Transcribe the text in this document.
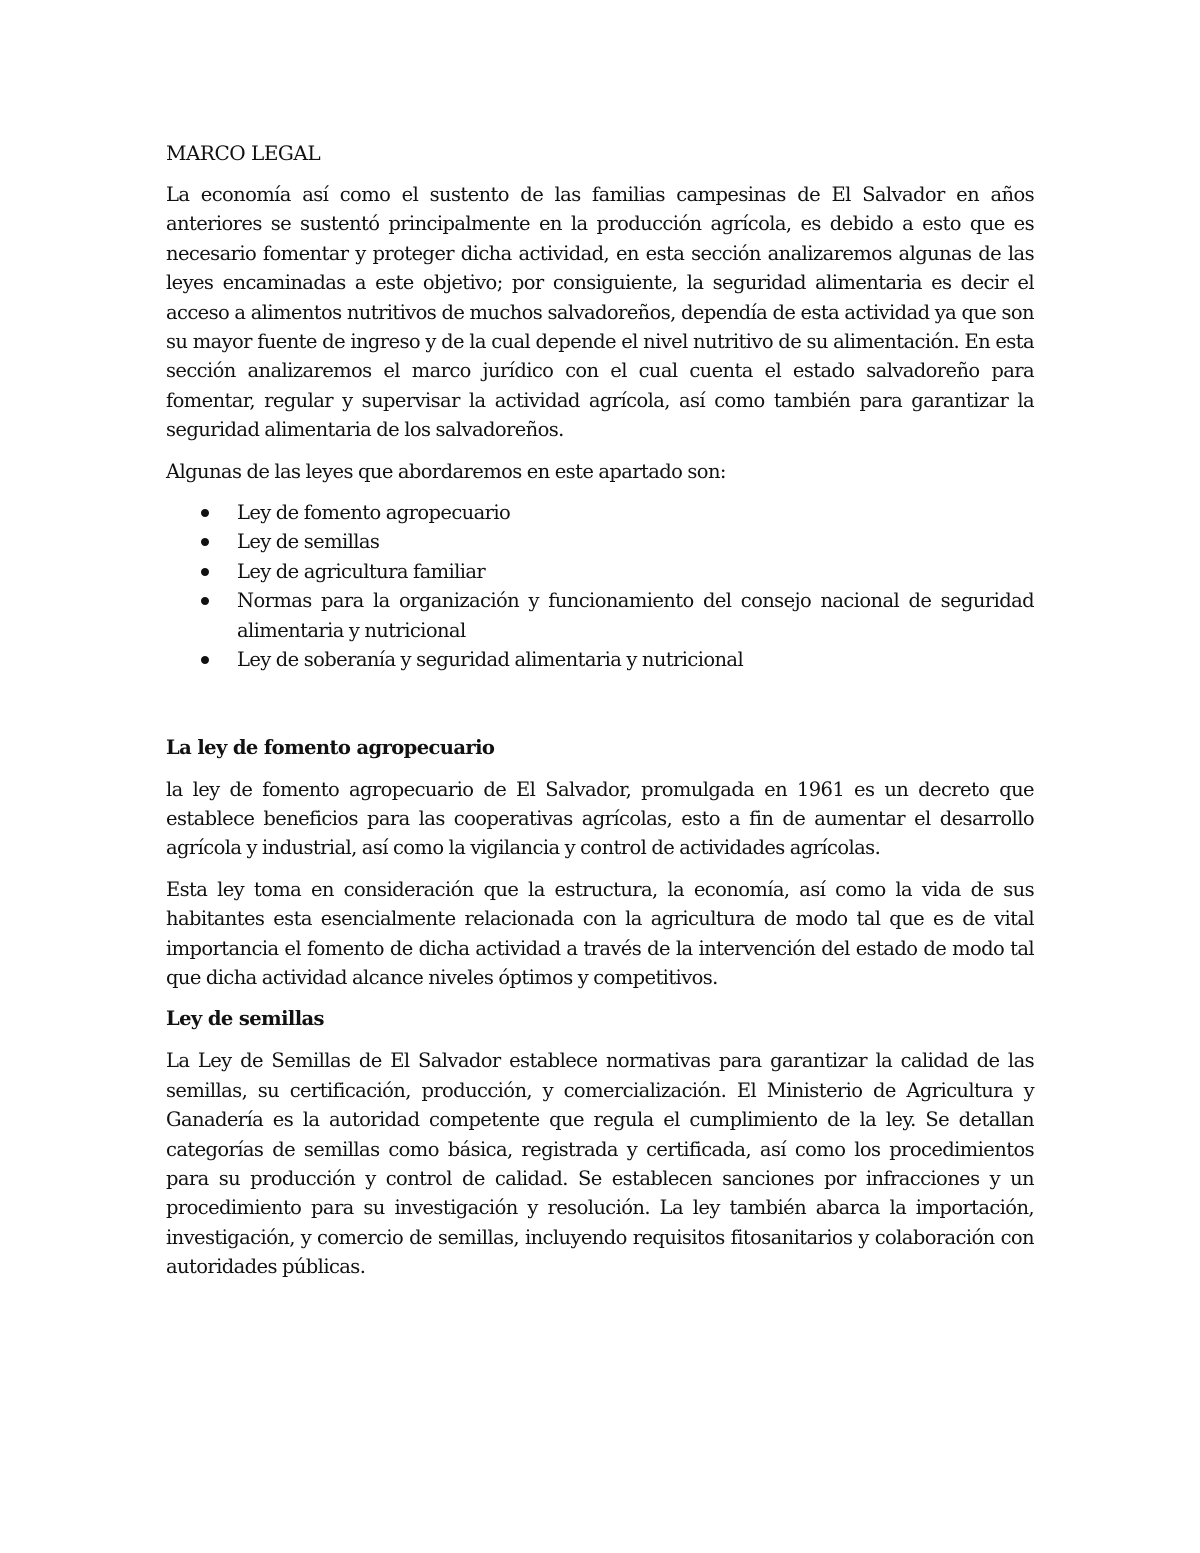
MARCO LEGAL

La economía así como el sustento de las familias campesinas de El Salvador en años anteriores se sustentó principalmente en la producción agrícola, es debido a esto que es necesario fomentar y proteger dicha actividad, en esta sección analizaremos algunas de las leyes encaminadas a este objetivo; por consiguiente, la seguridad alimentaria es decir el acceso a alimentos nutritivos de muchos salvadoreños, dependía de esta actividad ya que son su mayor fuente de ingreso y de la cual depende el nivel nutritivo de su alimentación. En esta sección analizaremos el marco jurídico con el cual cuenta el estado salvadoreño para fomentar, regular y supervisar la actividad agrícola, así como también para garantizar la seguridad alimentaria de los salvadoreños.

Algunas de las leyes que abordaremos en este apartado son:

Ley de fomento agropecuario
Ley de semillas
Ley de agricultura familiar
Normas para la organización y funcionamiento del consejo nacional de seguridad alimentaria y nutricional
Ley de soberanía y seguridad alimentaria y nutricional
La ley de fomento agropecuario

la ley de fomento agropecuario de El Salvador, promulgada en 1961 es un decreto que establece beneficios para las cooperativas agrícolas, esto a fin de aumentar el desarrollo agrícola y industrial, así como la vigilancia y control de actividades agrícolas.

Esta ley toma en consideración que la estructura, la economía, así como la vida de sus habitantes esta esencialmente relacionada con la agricultura de modo tal que es de vital importancia el fomento de dicha actividad a través de la intervención del estado de modo tal que dicha actividad alcance niveles óptimos y competitivos.

Ley de semillas

La Ley de Semillas de El Salvador establece normativas para garantizar la calidad de las semillas, su certificación, producción, y comercialización. El Ministerio de Agricultura y Ganadería es la autoridad competente que regula el cumplimiento de la ley. Se detallan categorías de semillas como básica, registrada y certificada, así como los procedimientos para su producción y control de calidad. Se establecen sanciones por infracciones y un procedimiento para su investigación y resolución. La ley también abarca la importación, investigación, y comercio de semillas, incluyendo requisitos fitosanitarios y colaboración con autoridades públicas.
